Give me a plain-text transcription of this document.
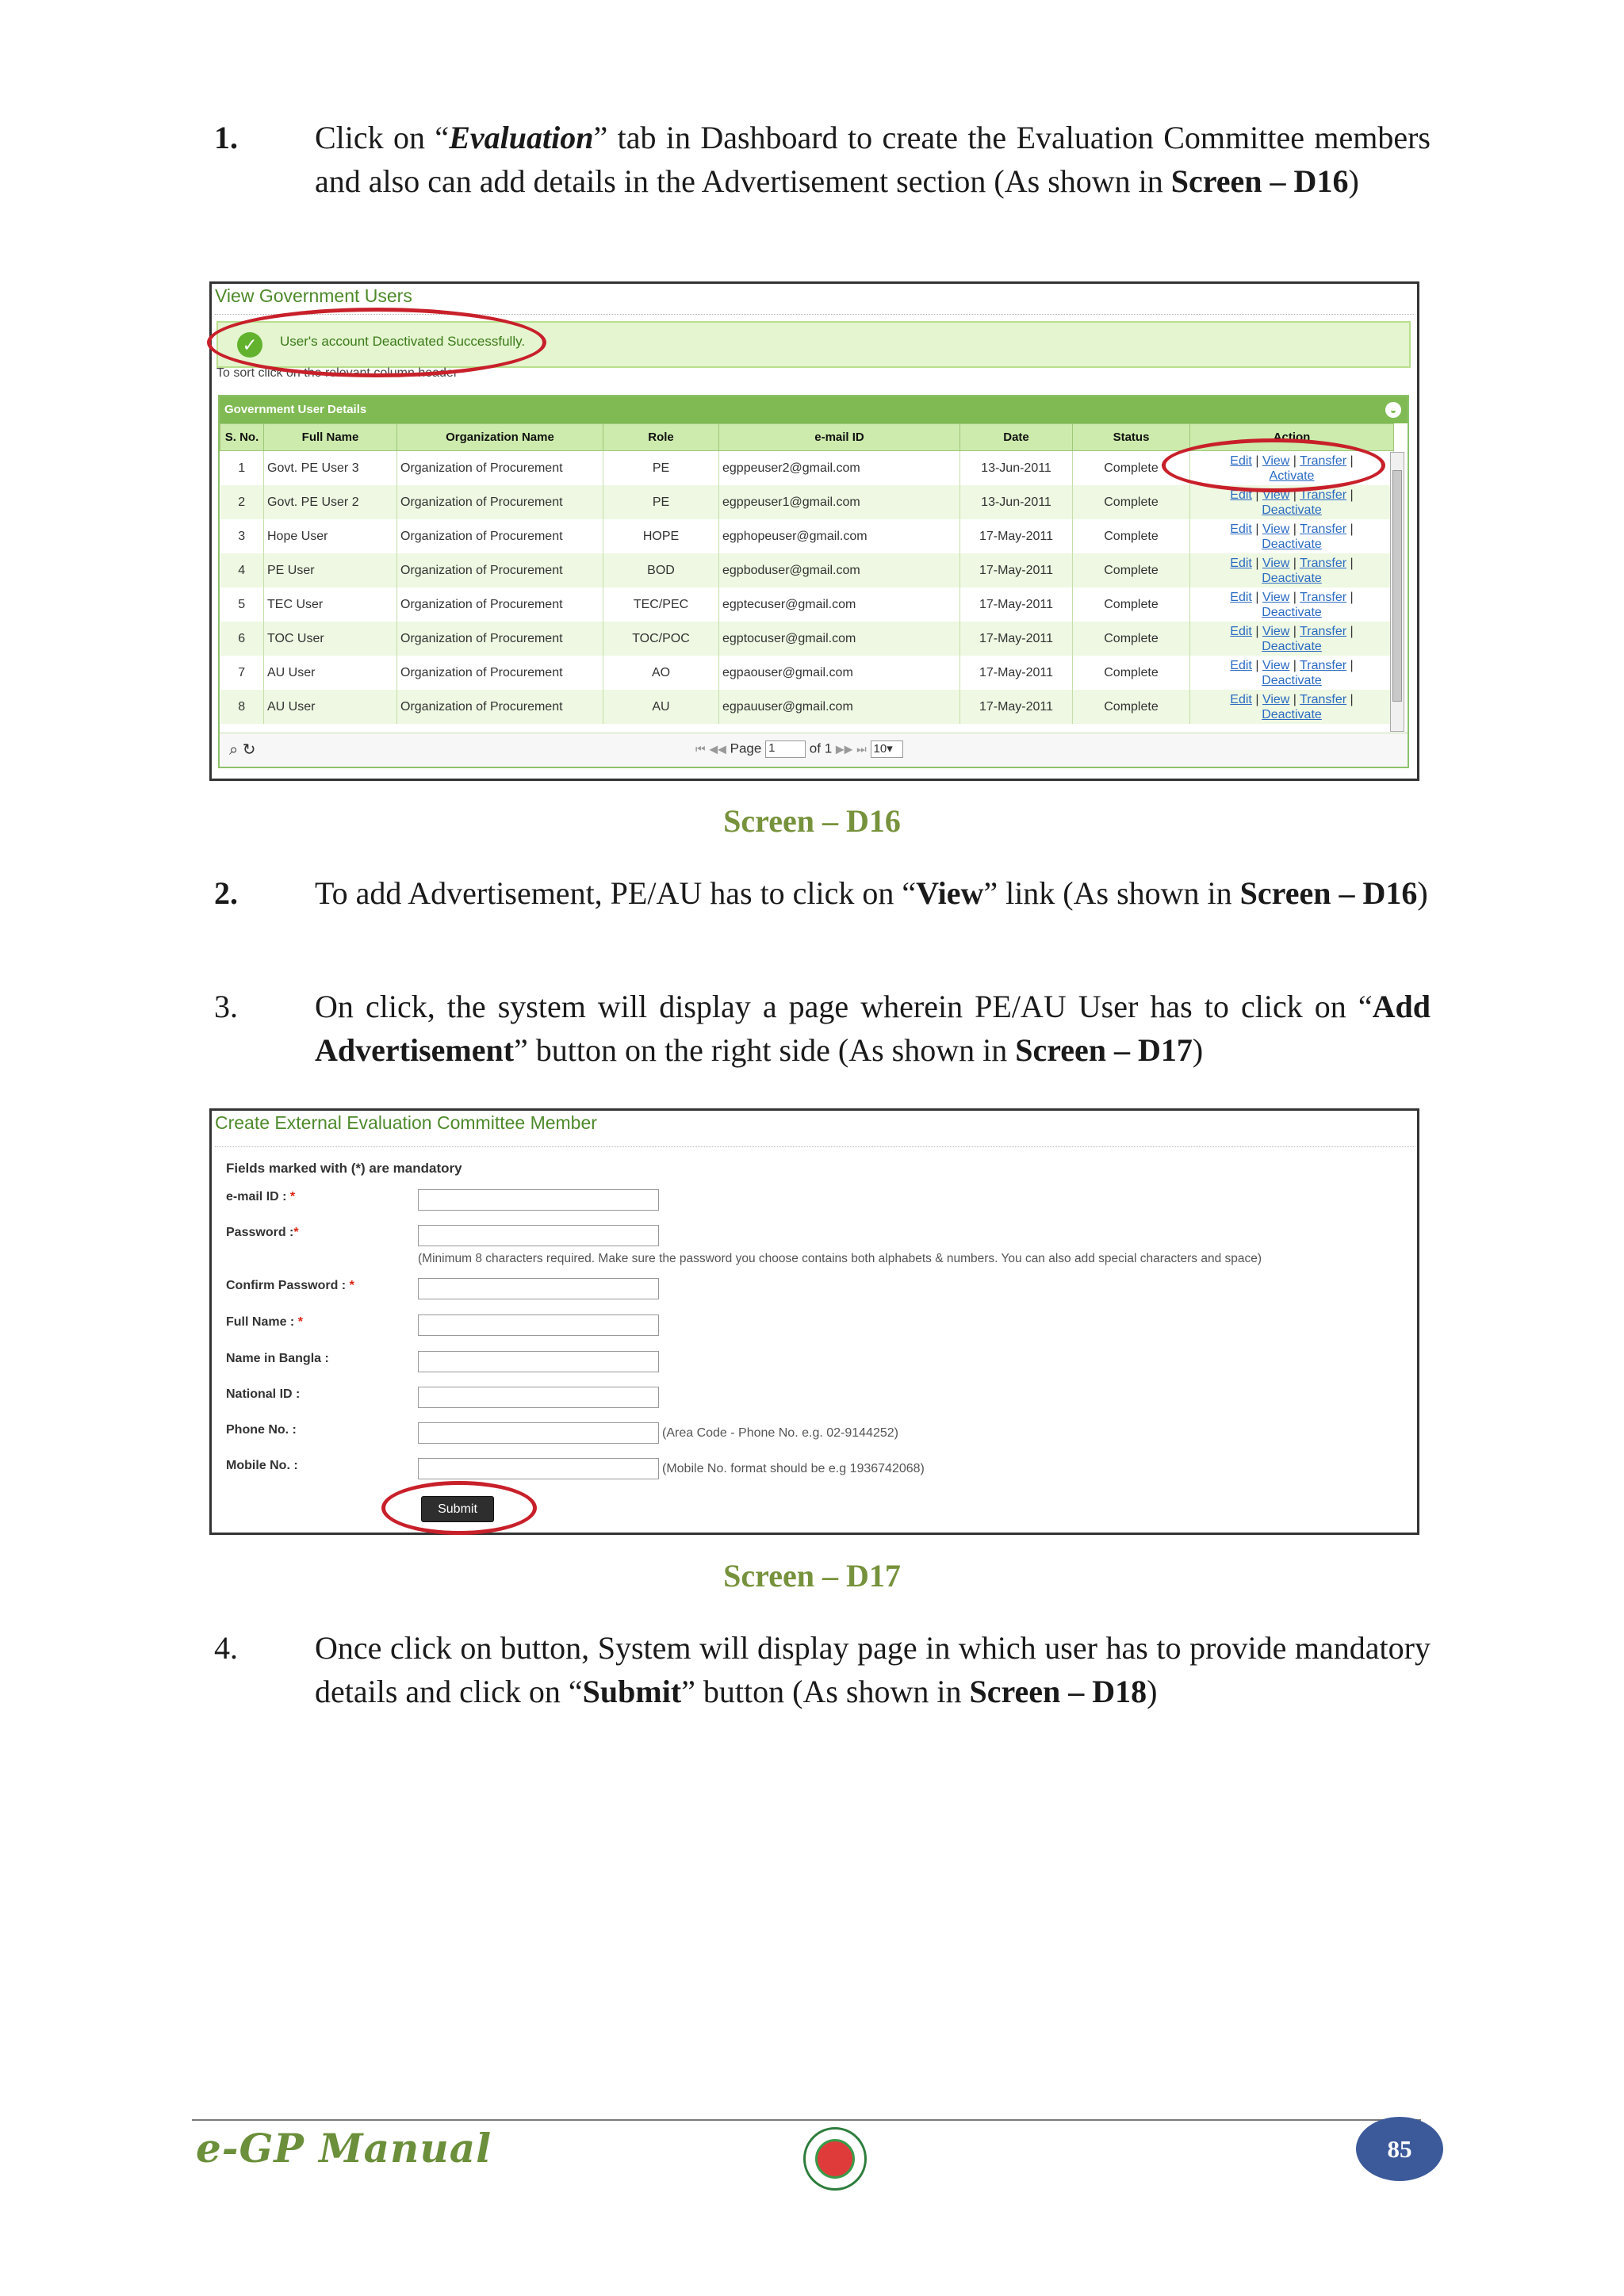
1.	Click on “Evaluation” tab in Dashboard to create the Evaluation Committee members and also can add details in the Advertisement section (As shown in Screen – D16)
View Government Users
✓	User's account Deactivated Successfully.
To sort click on the relevant column header
Government User Details	◒
S. No.	Full Name	Organization Name	Role	e-mail ID	Date	Status	Action
1	Govt. PE User 3	Organization of Procurement	PE	egppeuser2@gmail.com	13-Jun-2011	Complete	Edit | View | Transfer |
Activate

2	Govt. PE User 2	Organization of Procurement	PE	egppeuser1@gmail.com	13-Jun-2011	Complete	Edit | View | Transfer |
Deactivate

3	Hope User	Organization of Procurement	HOPE	egphopeuser@gmail.com	17-May-2011	Complete	Edit | View | Transfer |
Deactivate

4	PE User	Organization of Procurement	BOD	egpboduser@gmail.com	17-May-2011	Complete	Edit | View | Transfer |
Deactivate

5	TEC User	Organization of Procurement	TEC/PEC	egptecuser@gmail.com	17-May-2011	Complete	Edit | View | Transfer |
Deactivate

6	TOC User	Organization of Procurement	TOC/POC	egptocuser@gmail.com	17-May-2011	Complete	Edit | View | Transfer |
Deactivate

7	AU User	Organization of Procurement	AO	egpaouser@gmail.com	17-May-2011	Complete	Edit | View | Transfer |
Deactivate

8	AU User	Organization of Procurement	AU	egpauuser@gmail.com	17-May-2011	Complete	Edit | View | Transfer |
Deactivate
⌕ ↻	⏮ ◀◀ Page 1	of 1 ▶▶ ⏭ 10▾
Screen – D16
2.	To add Advertisement, PE/AU has to click on “View” link (As shown in Screen – D16)
3.	On click, the system will display a page wherein PE/AU User has to click on “Add Advertisement” button on the right side (As shown in Screen – D17)
Create External Evaluation Committee Member
Fields marked with (*) are mandatory
e-mail ID : *
Password :*
(Minimum 8 characters required. Make sure the password you choose contains both alphabets & numbers. You can also add special characters and space)
Confirm Password : *
Full Name : *
Name in Bangla :
National ID :
Phone No. :	(Area Code - Phone No. e.g. 02-9144252)
Mobile No. :	(Mobile No. format should be e.g 1936742068)
Submit
Screen – D17
4.	Once click on button, System will display page in which user has to provide mandatory details and click on “Submit” button (As shown in Screen – D18)
e-GP Manual	85
